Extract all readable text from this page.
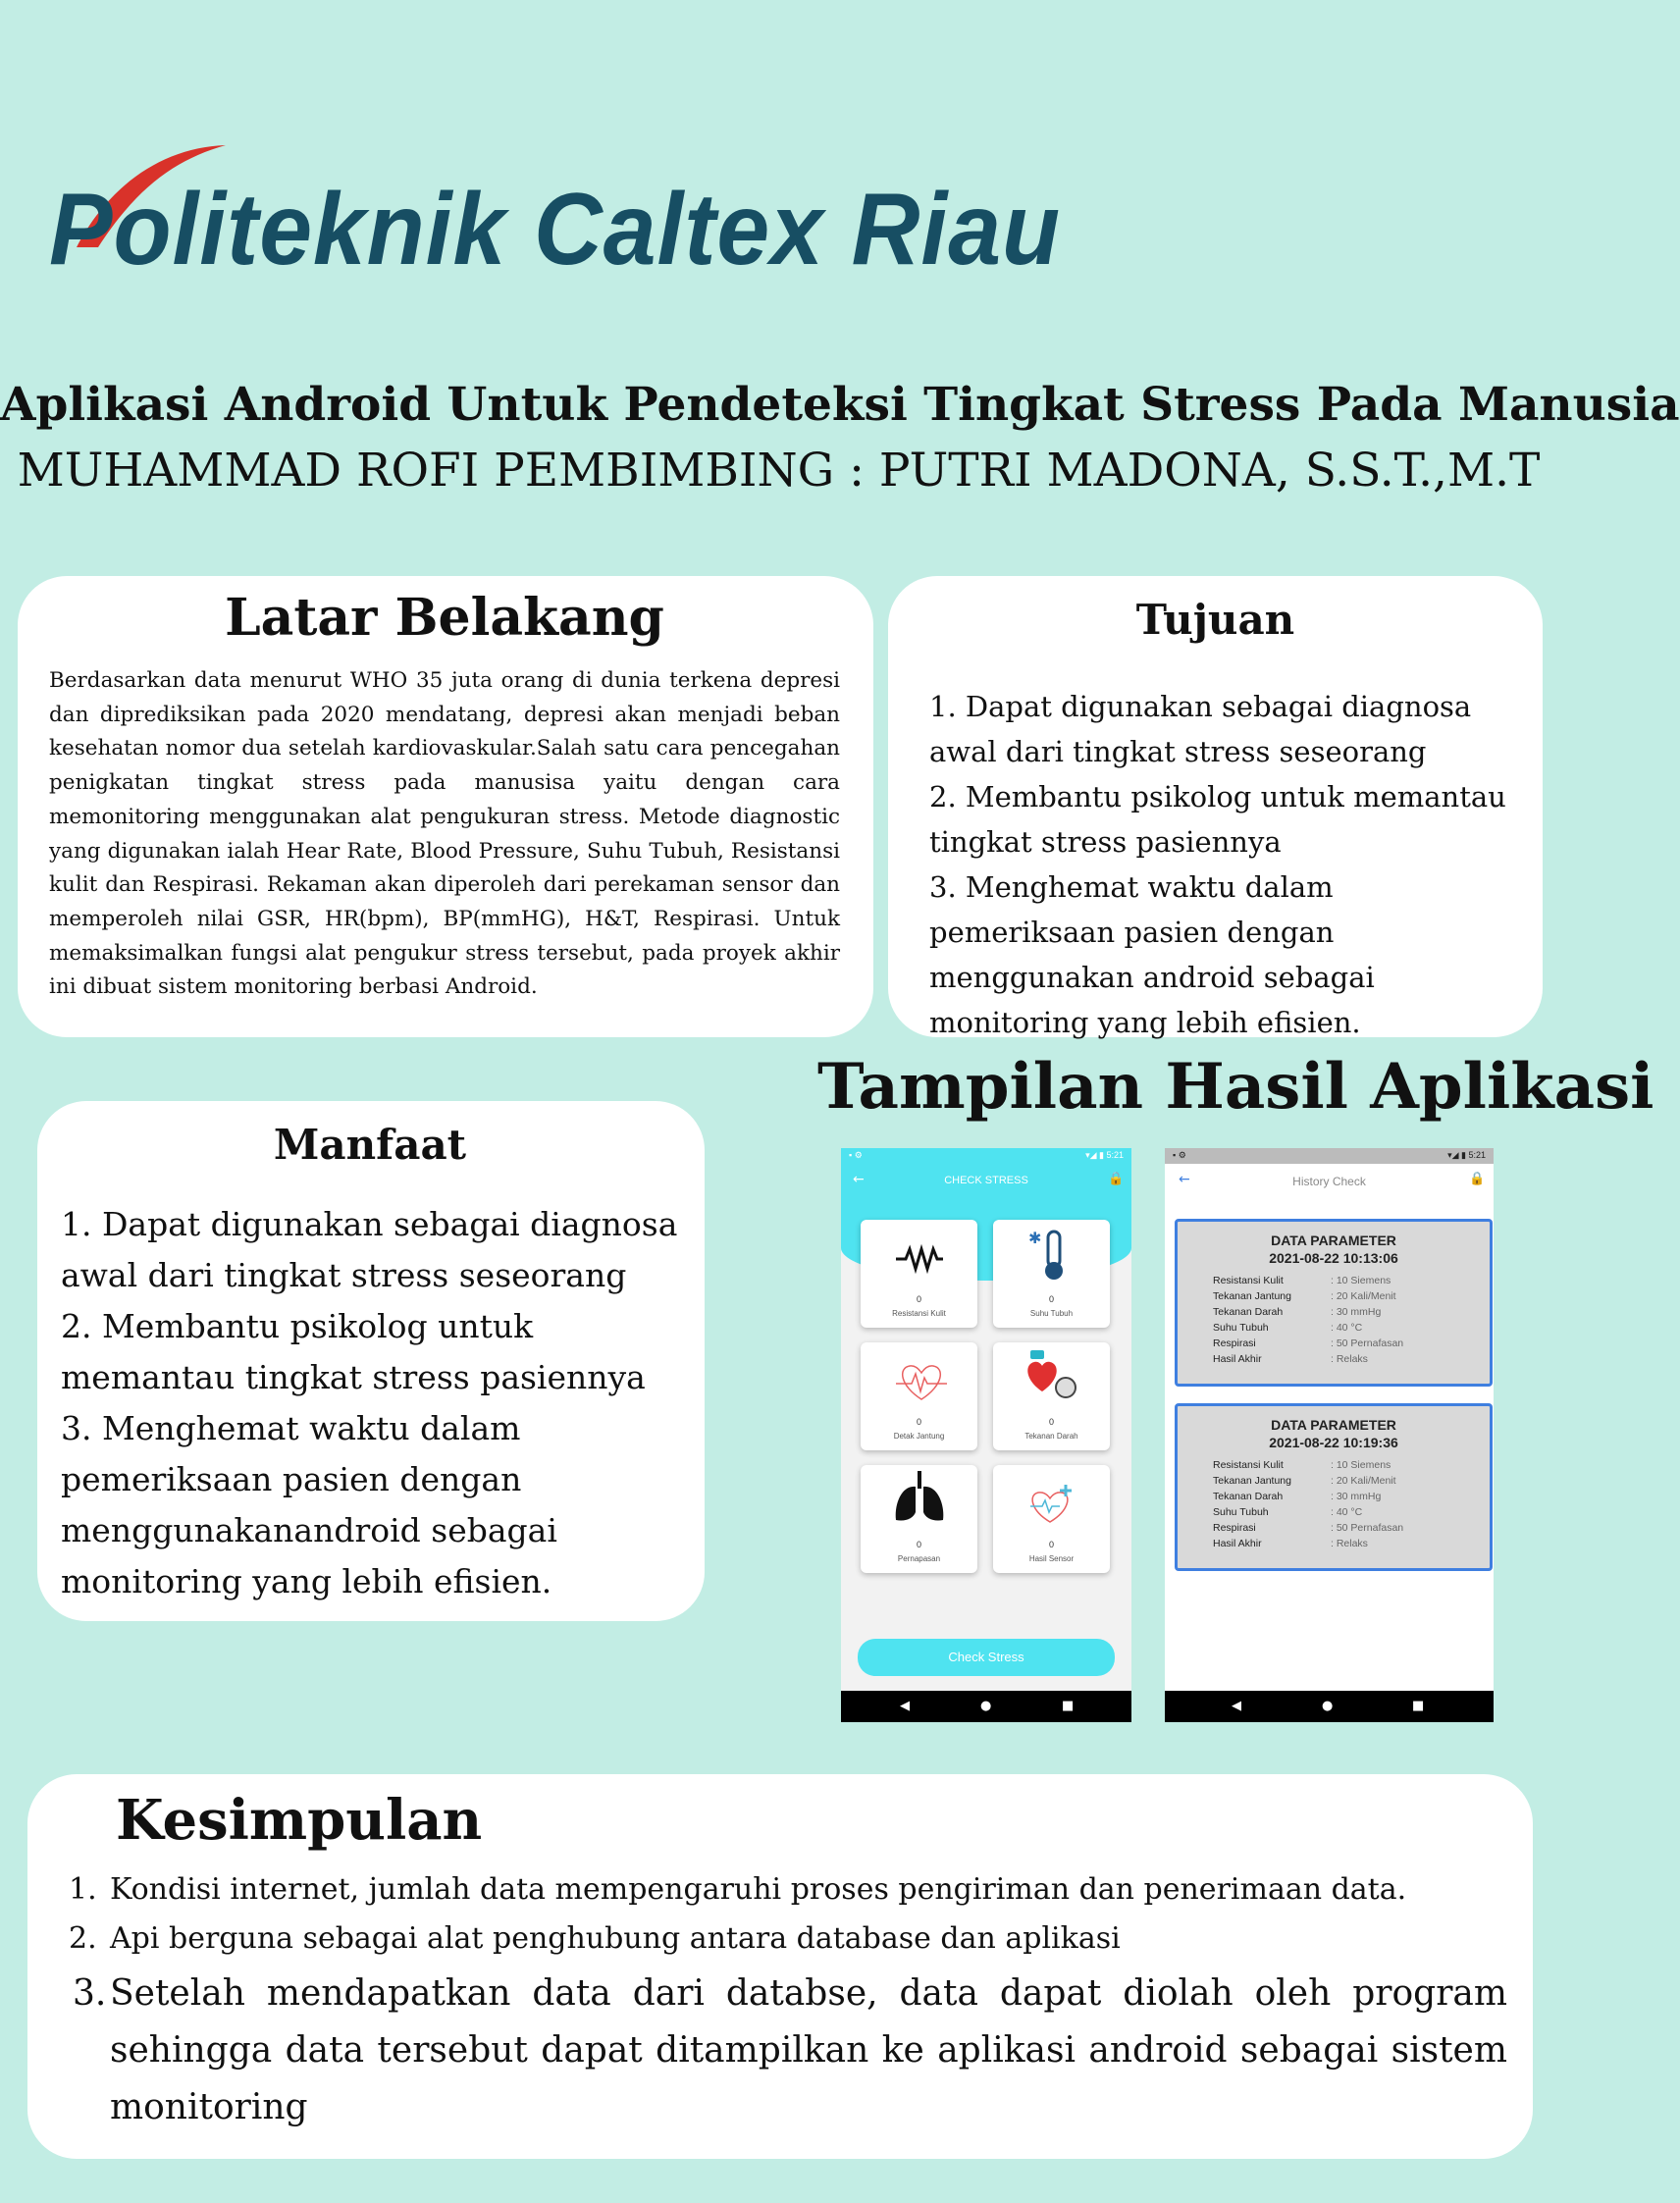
Politeknik Caltex Riau
Aplikasi Android Untuk Pendeteksi Tingkat Stress Pada Manusia
MUHAMMAD ROFI PEMBIMBING : PUTRI MADONA, S.S.T.,M.T
Latar Belakang
Berdasarkan data menurut WHO 35 juta orang di dunia terkena depresi dan diprediksikan pada 2020 mendatang, depresi akan menjadi beban kesehatan nomor dua setelah kardiovaskular.Salah satu cara pencegahan penigkatan tingkat stress pada manusisa yaitu dengan cara memonitoring menggunakan alat pengukuran stress. Metode diagnostic yang digunakan ialah Hear Rate, Blood Pressure, Suhu Tubuh, Resistansi kulit dan Respirasi. Rekaman akan diperoleh dari perekaman sensor dan memperoleh nilai GSR, HR(bpm), BP(mmHG), H&T, Respirasi. Untuk memaksimalkan fungsi alat pengukur stress tersebut, pada proyek akhir ini dibuat sistem monitoring berbasi Android.
Tujuan
1. Dapat digunakan sebagai diagnosa awal dari tingkat stress seseorang
2. Membantu psikolog untuk memantau tingkat stress pasiennya
3. Menghemat waktu dalam pemeriksaan pasien dengan menggunakan android sebagai monitoring yang lebih efisien.
Manfaat
1. Dapat digunakan sebagai diagnosa awal dari tingkat stress seseorang
2. Membantu psikolog untuk memantau tingkat stress pasiennya
3. Menghemat waktu dalam pemeriksaan pasien dengan menggunakanandroid sebagai monitoring yang lebih efisien.
Tampilan Hasil Aplikasi
▪ ⚙	▾◢ ▮ 5:21
←	CHECK STRESS	🔒
0
Resistansi Kulit
✱
0
Suhu Tubuh
0
Detak Jantung
0
Tekanan Darah
0
Pernapasan
0
Hasil Sensor
Check Stress
◀	●	■
▪ ⚙	▾◢ ▮ 5:21
←	History Check	🔒
DATA PARAMETER
2021-08-22 10:13:06
Resistansi Kulit	: 10 Siemens
Tekanan Jantung	: 20 Kali/Menit
Tekanan Darah	: 30 mmHg
Suhu Tubuh	: 40 °C
Respirasi	: 50 Pernafasan
Hasil Akhir	: Relaks
DATA PARAMETER
2021-08-22 10:19:36
Resistansi Kulit	: 10 Siemens
Tekanan Jantung	: 20 Kali/Menit
Tekanan Darah	: 30 mmHg
Suhu Tubuh	: 40 °C
Respirasi	: 50 Pernafasan
Hasil Akhir	: Relaks
◀	●	■
Kesimpulan
1. Kondisi internet, jumlah data mempengaruhi proses pengiriman dan penerimaan data.
2. Api berguna sebagai alat penghubung antara database dan aplikasi
3. Setelah mendapatkan data dari databse, data dapat diolah oleh program sehingga data tersebut dapat ditampilkan ke aplikasi android sebagai sistem monitoring
